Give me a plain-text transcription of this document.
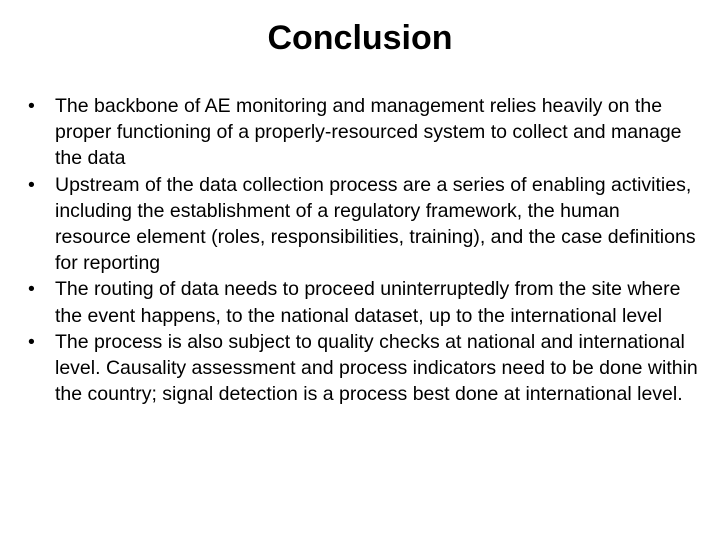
Conclusion
•	The backbone of AE monitoring and management relies heavily on the proper functioning of a properly-resourced system to collect and manage the data
•	Upstream of the data collection process are a series of enabling activities, including the establishment of a regulatory framework, the human resource element (roles, responsibilities, training), and the case definitions for reporting
•	The routing of data needs to proceed uninterruptedly from the site where the event happens, to the national dataset, up to the international level
•	The process is also subject to quality checks at national and international level. Causality assessment and process indicators need to be done within the country; signal detection is a process best done at international level.
